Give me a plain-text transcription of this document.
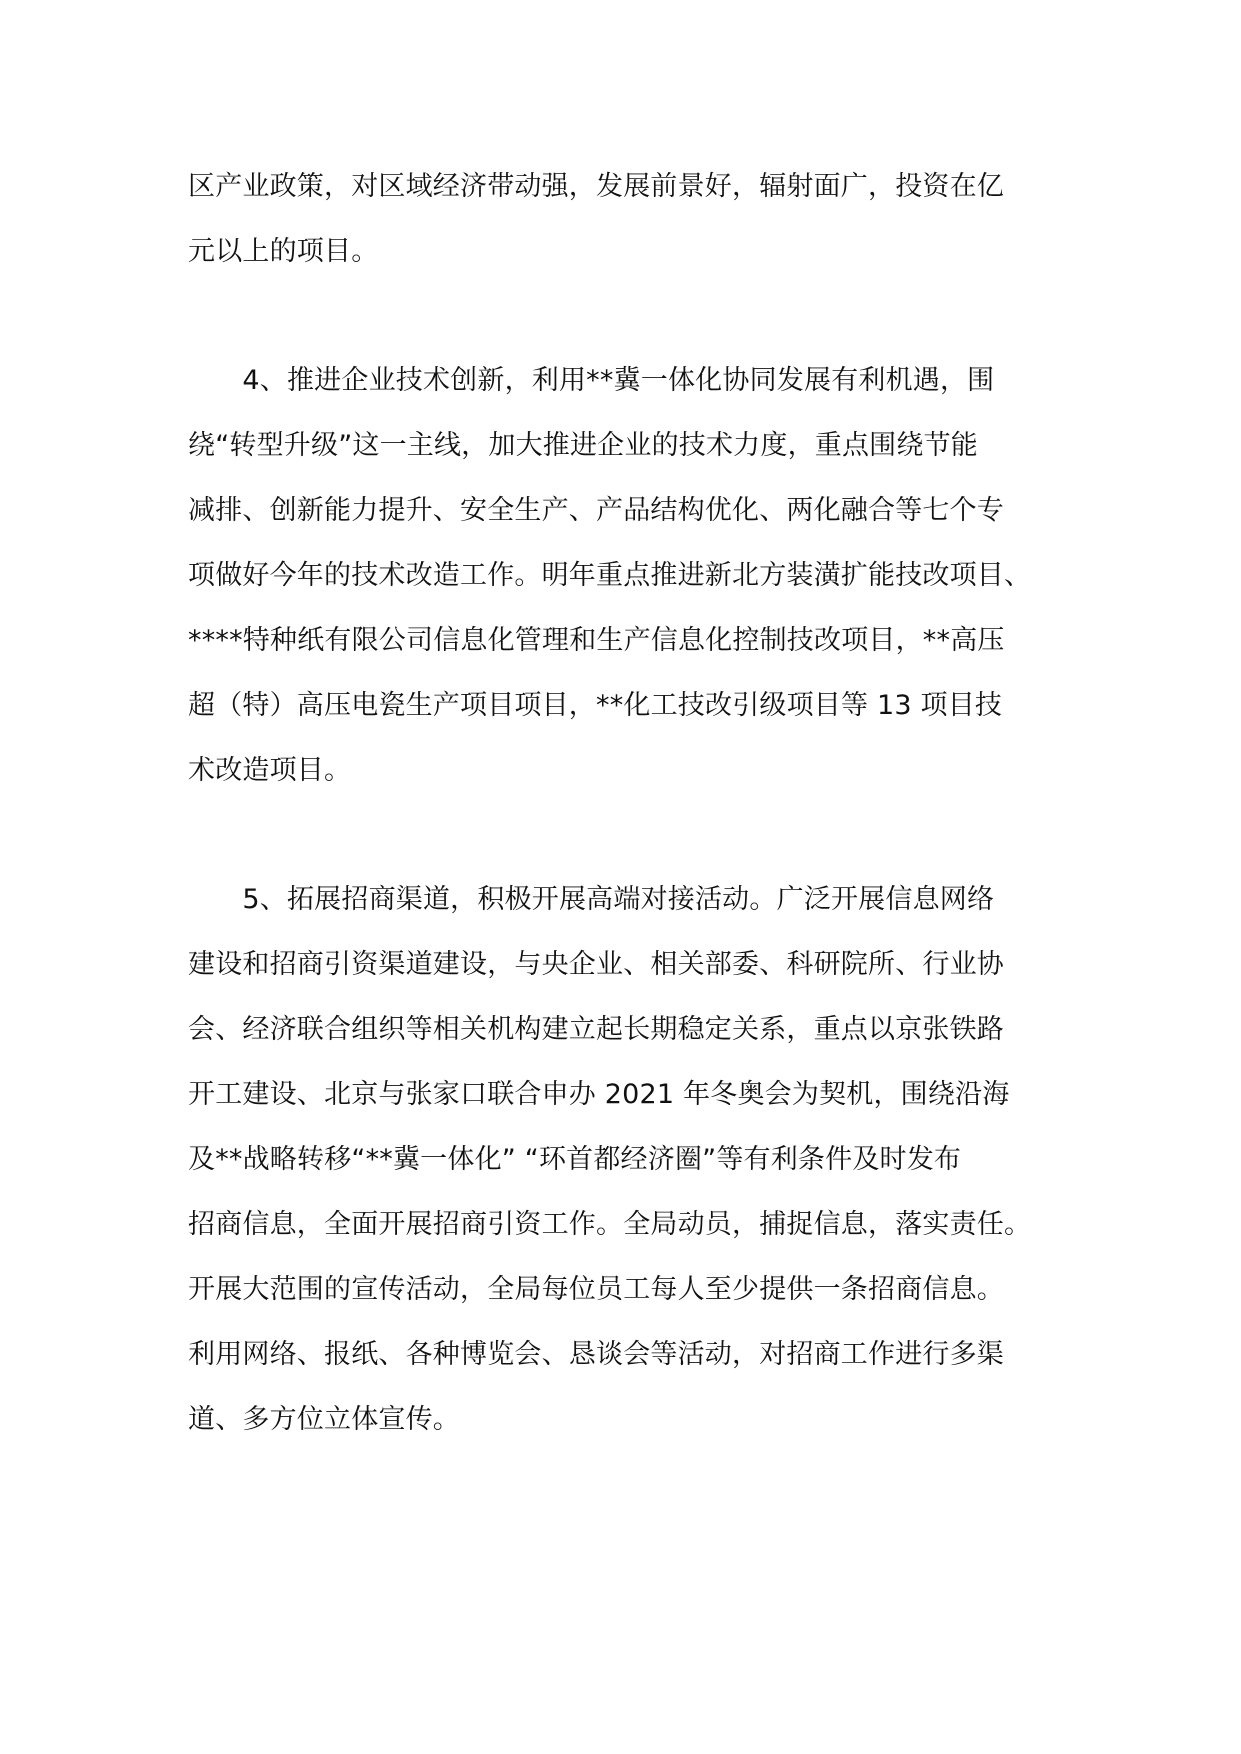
区产业政策，对区域经济带动强，发展前景好，辐射面广，投资在亿
元以上的项目。
　　4、推进企业技术创新，利用**冀一体化协同发展有利机遇，围
绕“转型升级”这一主线，加大推进企业的技术力度，重点围绕节能
减排、创新能力提升、安全生产、产品结构优化、两化融合等七个专
项做好今年的技术改造工作。明年重点推进新北方装潢扩能技改项目、
****特种纸有限公司信息化管理和生产信息化控制技改项目，**高压
超（特）高压电瓷生产项目项目，**化工技改引级项目等 13 项目技
术改造项目。
　　5、拓展招商渠道，积极开展高端对接活动。广泛开展信息网络
建设和招商引资渠道建设，与央企业、相关部委、科研院所、行业协
会、经济联合组织等相关机构建立起长期稳定关系，重点以京张铁路
开工建设、北京与张家口联合申办 2021 年冬奥会为契机，围绕沿海
及**战略转移“**冀一体化” “环首都经济圈”等有利条件及时发布
招商信息，全面开展招商引资工作。全局动员，捕捉信息，落实责任。
开展大范围的宣传活动，全局每位员工每人至少提供一条招商信息。
利用网络、报纸、各种博览会、恳谈会等活动，对招商工作进行多渠
道、多方位立体宣传。
